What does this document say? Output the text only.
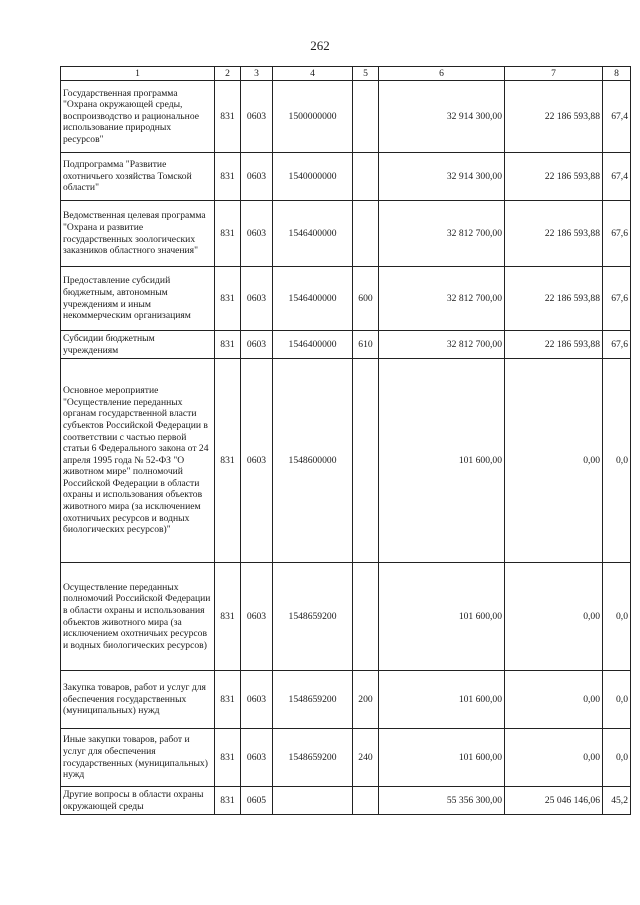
262
1	2	3	4	5	6	7	8
Государственная программа "Охрана окружающей среды, воспроизводство и рациональное использование природных ресурсов"	831	0603	1500000000		32 914 300,00	22 186 593,88	67,4
Подпрограмма "Развитие охотничьего хозяйства Томской области"	831	0603	1540000000		32 914 300,00	22 186 593,88	67,4
Ведомственная целевая программа "Охрана и развитие государственных зоологических заказников областного значения"	831	0603	1546400000		32 812 700,00	22 186 593,88	67,6
Предоставление субсидий бюджетным, автономным учреждениям и иным некоммерческим организациям	831	0603	1546400000	600	32 812 700,00	22 186 593,88	67,6
Субсидии бюджетным учреждениям	831	0603	1546400000	610	32 812 700,00	22 186 593,88	67,6
Основное мероприятие "Осуществление переданных органам государственной власти субъектов Российской Федерации в соответствии с частью первой статьи 6 Федерального закона от 24 апреля 1995 года № 52-ФЗ "О животном мире" полномочий Российской Федерации в области охраны и использования объектов животного мира (за исключением охотничьих ресурсов и водных биологических ресурсов)"	831	0603	1548600000		101 600,00	0,00	0,0
Осуществление переданных полномочий Российской Федерации в области охраны и использования объектов животного мира (за исключением охотничьих ресурсов и водных биологических ресурсов)	831	0603	1548659200		101 600,00	0,00	0,0
Закупка товаров, работ и услуг для обеспечения государственных (муниципальных) нужд	831	0603	1548659200	200	101 600,00	0,00	0,0
Иные закупки товаров, работ и услуг для обеспечения государственных (муниципальных) нужд	831	0603	1548659200	240	101 600,00	0,00	0,0
Другие вопросы в области охраны окружающей среды	831	0605			55 356 300,00	25 046 146,06	45,2
